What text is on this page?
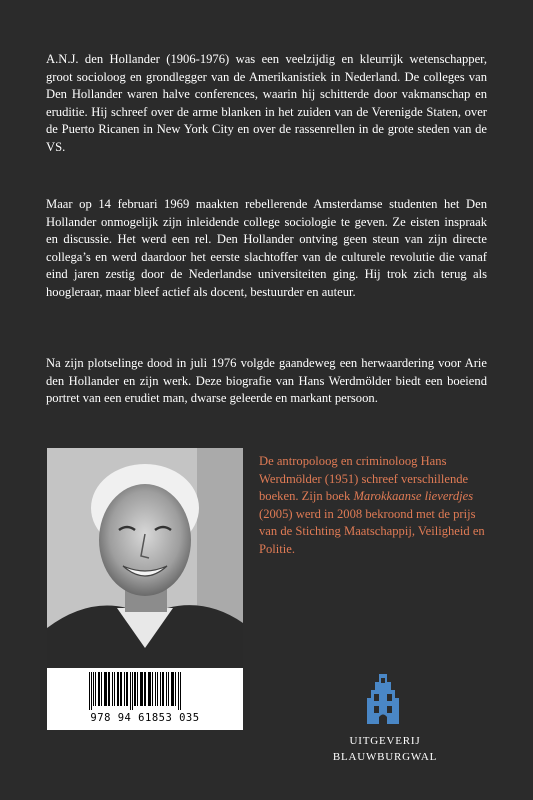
A.N.J. den Hollander (1906-1976) was een veelzijdig en kleurrijk wetenschapper, groot socioloog en grondlegger van de Amerikanistiek in Nederland. De colleges van Den Hollander waren halve conferences, waarin hij schitterde door vakmanschap en eruditie. Hij schreef over de arme blanken in het zuiden van de Verenigde Staten, over de Puerto Ricanen in New York City en over de rassenrellen in de grote steden van de VS.

Maar op 14 februari 1969 maakten rebellerende Amsterdamse studenten het Den Hollander onmogelijk zijn inleidende college sociologie te geven. Ze eisten inspraak en discussie. Het werd een rel. Den Hollander ontving geen steun van zijn directe collega’s en werd daardoor het eerste slachtoffer van de culturele revolutie die vanaf eind jaren zestig door de Nederlandse universiteiten ging. Hij trok zich terug als hoogleraar, maar bleef actief als docent, bestuurder en auteur.

Na zijn plotselinge dood in juli 1976 volgde gaandeweg een herwaardering voor Arie den Hollander en zijn werk. Deze biografie van Hans Werdmölder biedt een boeiend portret van een erudiet man, dwarse geleerde en markant persoon.

978 94 61853 035

De antropoloog en criminoloog Hans Werdmölder (1951) schreef verschillende boeken. Zijn boek Marokkaanse lieverdjes (2005) werd in 2008 bekroond met de prijs van de Stichting Maatschappij, Veiligheid en Politie.

UITGEVERIJ
BLAUWBURGWAL
